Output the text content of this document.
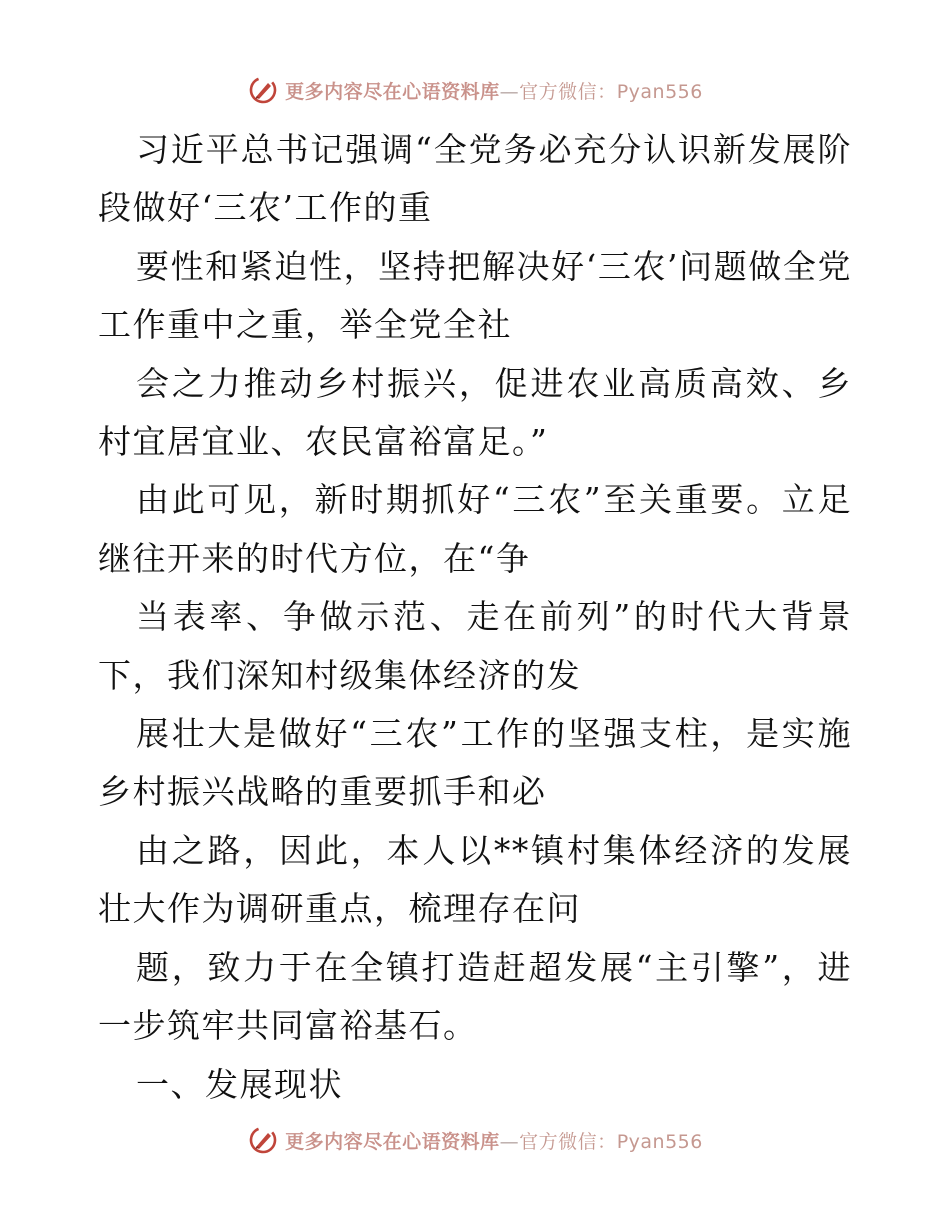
更多内容尽在心语资料库—官方微信：Pyan556

习近平总书记强调“全党务必充分认识新发展阶段做好‘三农’工作的重

要性和紧迫性，坚持把解决好‘三农’问题做全党工作重中之重，举全党全社

会之力推动乡村振兴，促进农业高质高效、乡村宜居宜业、农民富裕富足。”

由此可见，新时期抓好“三农”至关重要。立足继往开来的时代方位，在“争

当表率、争做示范、走在前列”的时代大背景下，我们深知村级集体经济的发

展壮大是做好“三农”工作的坚强支柱，是实施乡村振兴战略的重要抓手和必

由之路，因此，本人以**镇村集体经济的发展壮大作为调研重点，梳理存在问

题，致力于在全镇打造赶超发展“主引擎”，进一步筑牢共同富裕基石。

一、发展现状

更多内容尽在心语资料库—官方微信：Pyan556
